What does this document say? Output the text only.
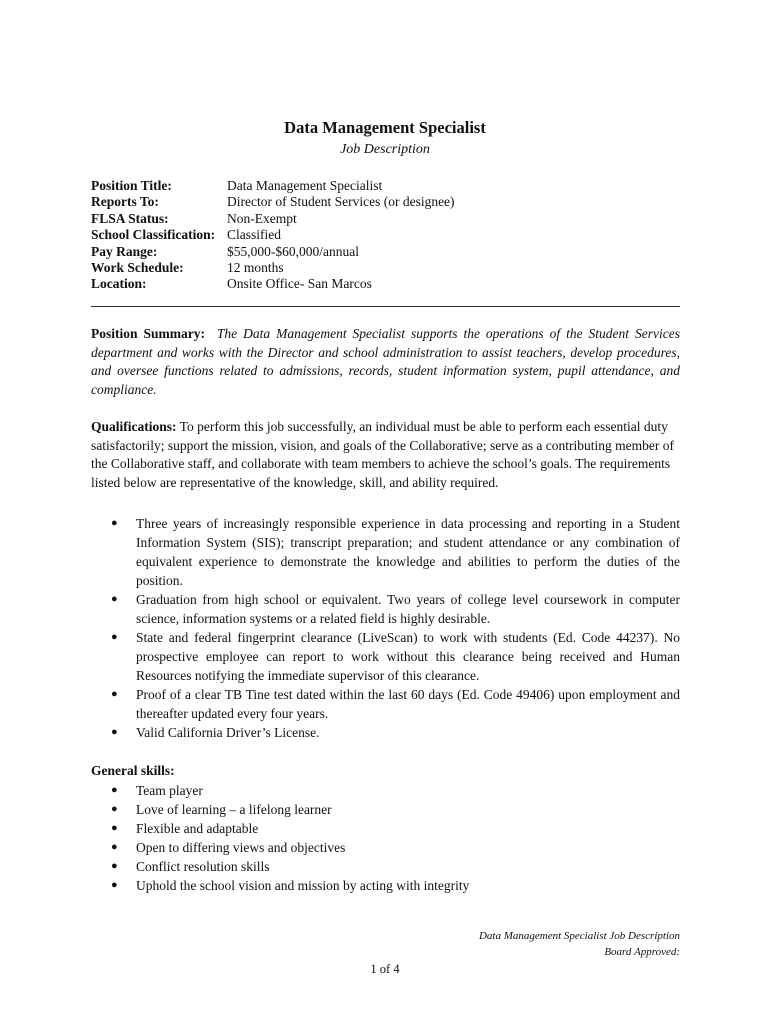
Data Management Specialist
Job Description
Position Title:	Data Management Specialist
Reports To:	Director of Student Services (or designee)
FLSA Status:	Non-Exempt
School Classification: Classified
Pay Range:	$55,000-$60,000/annual
Work Schedule:	12 months
Location:	Onsite Office- San Marcos
Position Summary: The Data Management Specialist supports the operations of the Student Services department and works with the Director and school administration to assist teachers, develop procedures, and oversee functions related to admissions, records, student information system, pupil attendance, and compliance.
Qualifications: To perform this job successfully, an individual must be able to perform each essential duty satisfactorily; support the mission, vision, and goals of the Collaborative; serve as a contributing member of the Collaborative staff, and collaborate with team members to achieve the school’s goals. The requirements listed below are representative of the knowledge, skill, and ability required.
● Three years of increasingly responsible experience in data processing and reporting in a Student Information System (SIS); transcript preparation; and student attendance or any combination of equivalent experience to demonstrate the knowledge and abilities to perform the duties of the position.
● Graduation from high school or equivalent. Two years of college level coursework in computer science, information systems or a related field is highly desirable.
● State and federal fingerprint clearance (LiveScan) to work with students (Ed. Code 44237). No prospective employee can report to work without this clearance being received and Human Resources notifying the immediate supervisor of this clearance.
● Proof of a clear TB Tine test dated within the last 60 days (Ed. Code 49406) upon employment and thereafter updated every four years.
● Valid California Driver’s License.
General skills:
● Team player
● Love of learning – a lifelong learner
● Flexible and adaptable
● Open to differing views and objectives
● Conflict resolution skills
● Uphold the school vision and mission by acting with integrity
Data Management Specialist Job Description
Board Approved:
1 of 4
